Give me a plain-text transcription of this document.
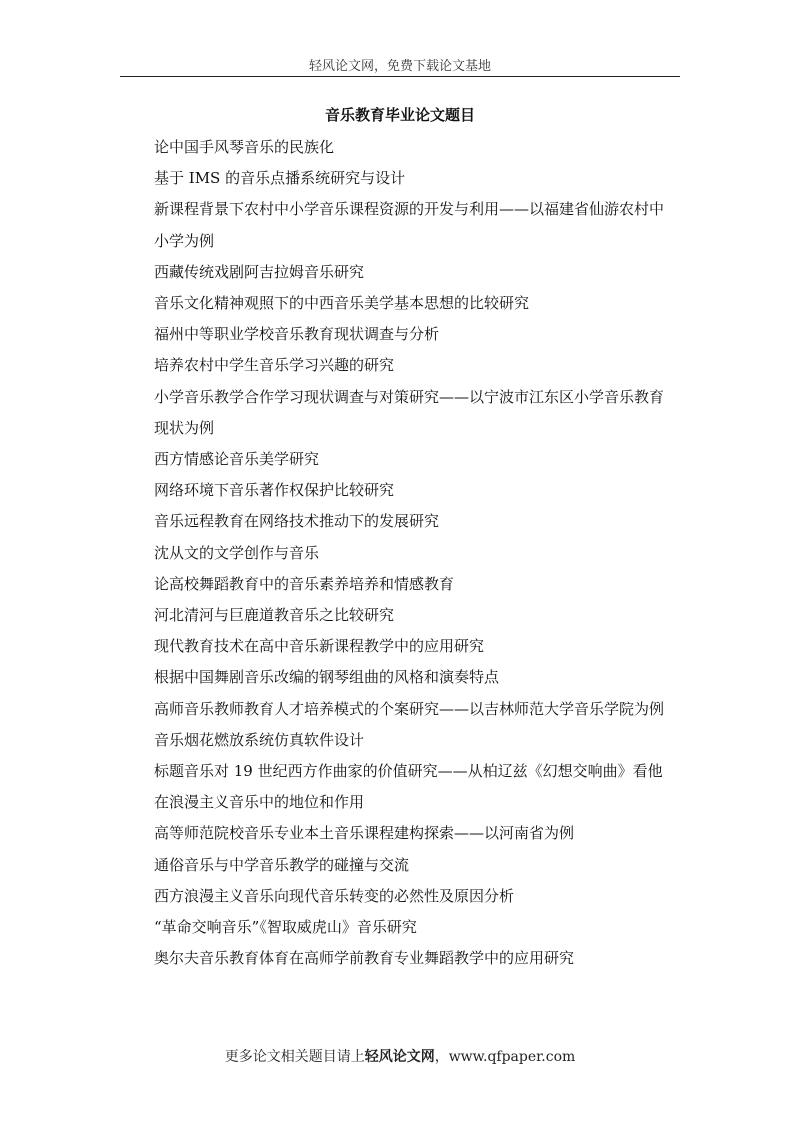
轻风论文网，免费下载论文基地
音乐教育毕业论文题目
论中国手风琴音乐的民族化
基于 IMS 的音乐点播系统研究与设计
新课程背景下农村中小学音乐课程资源的开发与利用——以福建省仙游农村中小学为例
西藏传统戏剧阿吉拉姆音乐研究
音乐文化精神观照下的中西音乐美学基本思想的比较研究
福州中等职业学校音乐教育现状调查与分析
培养农村中学生音乐学习兴趣的研究
小学音乐教学合作学习现状调查与对策研究——以宁波市江东区小学音乐教育现状为例
西方情感论音乐美学研究
网络环境下音乐著作权保护比较研究
音乐远程教育在网络技术推动下的发展研究
沈从文的文学创作与音乐
论高校舞蹈教育中的音乐素养培养和情感教育
河北清河与巨鹿道教音乐之比较研究
现代教育技术在高中音乐新课程教学中的应用研究
根据中国舞剧音乐改编的钢琴组曲的风格和演奏特点
高师音乐教师教育人才培养模式的个案研究——以吉林师范大学音乐学院为例
音乐烟花燃放系统仿真软件设计
标题音乐对 19 世纪西方作曲家的价值研究——从柏辽兹《幻想交响曲》看他在浪漫主义音乐中的地位和作用
高等师范院校音乐专业本土音乐课程建构探索——以河南省为例
通俗音乐与中学音乐教学的碰撞与交流
西方浪漫主义音乐向现代音乐转变的必然性及原因分析
“革命交响音乐”《智取威虎山》音乐研究
奥尔夫音乐教育体育在高师学前教育专业舞蹈教学中的应用研究
更多论文相关题目请上轻风论文网，www.qfpaper.com
